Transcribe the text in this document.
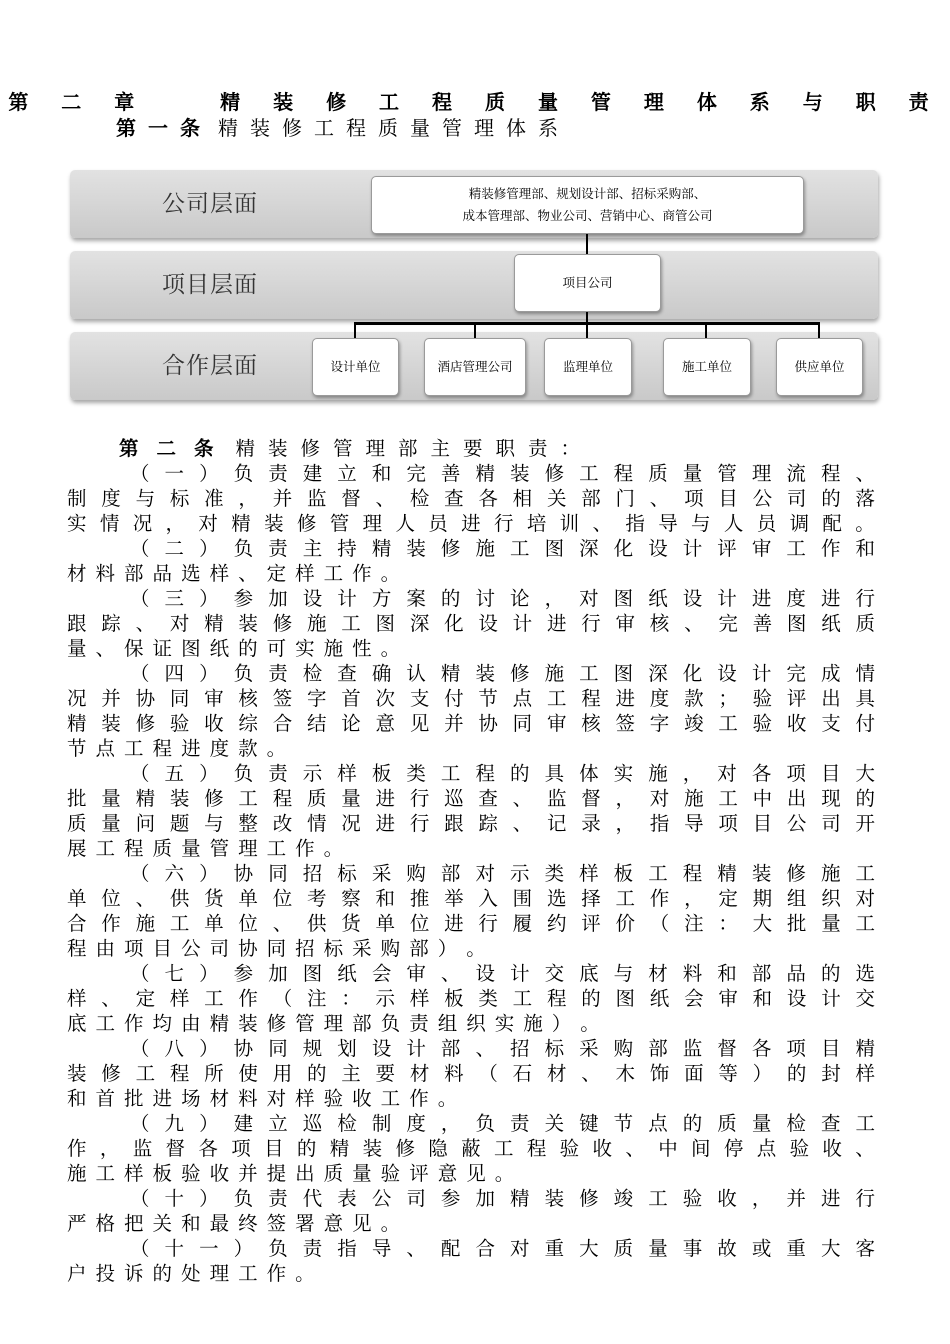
第 二 章 　 精 装 修 工 程 质 量 管 理 体 系 与 职 责
第一条 精装修工程质量管理体系
公司层面
项目层面
合作层面
精装修管理部、规划设计部、招标采购部、
成本管理部、物业公司、营销中心、商管公司
项目公司
设计单位	酒店管理公司	监理单位	施工单位	供应单位
第二条 精装修管理部主要职责：
（ 一 ） 负 责 建 立 和 完 善 精 装 修 工 程 质 量 管 理 流 程 、
制 度 与 标 准 ， 并 监 督 、 检 查 各 相 关 部 门 、 项 目 公 司 的 落
实 情 况 ， 对 精 装 修 管 理 人 员 进 行 培 训 、 指 导 与 人 员 调 配 。
（ 二 ） 负 责 主 持 精 装 修 施 工 图 深 化 设 计 评 审 工 作 和
材 料 部 品 选 样 、 定 样 工 作 。
（ 三 ） 参 加 设 计 方 案 的 讨 论 ， 对 图 纸 设 计 进 度 进 行
跟 踪 、 对 精 装 修 施 工 图 深 化 设 计 进 行 审 核 、 完 善 图 纸 质
量 、 保 证 图 纸 的 可 实 施 性 。
（ 四 ） 负 责 检 查 确 认 精 装 修 施 工 图 深 化 设 计 完 成 情
况 并 协 同 审 核 签 字 首 次 支 付 节 点 工 程 进 度 款 ； 验 评 出 具
精 装 修 验 收 综 合 结 论 意 见 并 协 同 审 核 签 字 竣 工 验 收 支 付
节 点 工 程 进 度 款 。
（ 五 ） 负 责 示 样 板 类 工 程 的 具 体 实 施 ， 对 各 项 目 大
批 量 精 装 修 工 程 质 量 进 行 巡 查 、 监 督 ， 对 施 工 中 出 现 的
质 量 问 题 与 整 改 情 况 进 行 跟 踪 、 记 录 ， 指 导 项 目 公 司 开
展 工 程 质 量 管 理 工 作 。
（ 六 ） 协 同 招 标 采 购 部 对 示 类 样 板 工 程 精 装 修 施 工
单 位 、 供 货 单 位 考 察 和 推 举 入 围 选 择 工 作 ， 定 期 组 织 对
合 作 施 工 单 位 、 供 货 单 位 进 行 履 约 评 价 （ 注 ： 大 批 量 工
程 由 项 目 公 司 协 同 招 标 采 购 部 ） 。
（ 七 ） 参 加 图 纸 会 审 、 设 计 交 底 与 材 料 和 部 品 的 选
样 、 定 样 工 作 （ 注 ： 示 样 板 类 工 程 的 图 纸 会 审 和 设 计 交
底 工 作 均 由 精 装 修 管 理 部 负 责 组 织 实 施 ） 。
（ 八 ） 协 同 规 划 设 计 部 、 招 标 采 购 部 监 督 各 项 目 精
装 修 工 程 所 使 用 的 主 要 材 料 （ 石 材 、 木 饰 面 等 ） 的 封 样
和 首 批 进 场 材 料 对 样 验 收 工 作 。
（ 九 ） 建 立 巡 检 制 度 ， 负 责 关 键 节 点 的 质 量 检 查 工
作 ， 监 督 各 项 目 的 精 装 修 隐 蔽 工 程 验 收 、 中 间 停 点 验 收 、
施 工 样 板 验 收 并 提 出 质 量 验 评 意 见 。
（ 十 ） 负 责 代 表 公 司 参 加 精 装 修 竣 工 验 收 ， 并 进 行
严 格 把 关 和 最 终 签 署 意 见 。
（ 十 一 ） 负 责 指 导 、 配 合 对 重 大 质 量 事 故 或 重 大 客
户 投 诉 的 处 理 工 作 。
